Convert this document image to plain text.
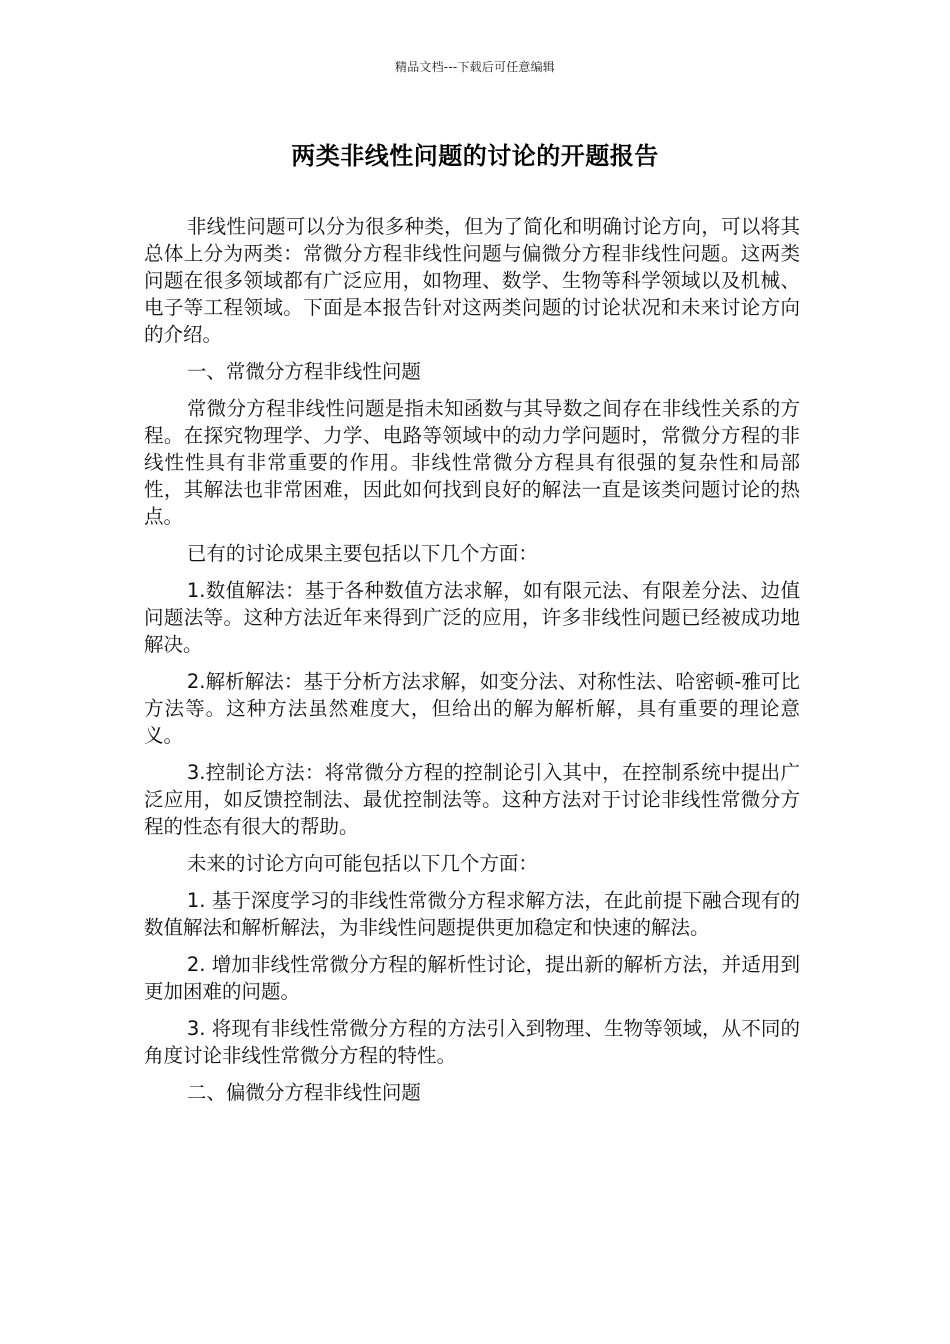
精品文档---下载后可任意编辑
两类非线性问题的讨论的开题报告

非线性问题可以分为很多种类，但为了简化和明确讨论方向，可以将其总体上分为两类：常微分方程非线性问题与偏微分方程非线性问题。这两类问题在很多领域都有广泛应用，如物理、数学、生物等科学领域以及机械、电子等工程领域。下面是本报告针对这两类问题的讨论状况和未来讨论方向的介绍。

一、常微分方程非线性问题

常微分方程非线性问题是指未知函数与其导数之间存在非线性关系的方程。在探究物理学、力学、电路等领域中的动力学问题时，常微分方程的非线性性具有非常重要的作用。非线性常微分方程具有很强的复杂性和局部性，其解法也非常困难，因此如何找到良好的解法一直是该类问题讨论的热点。

已有的讨论成果主要包括以下几个方面：

1.数值解法：基于各种数值方法求解，如有限元法、有限差分法、边值问题法等。这种方法近年来得到广泛的应用，许多非线性问题已经被成功地解决。

2.解析解法：基于分析方法求解，如变分法、对称性法、哈密顿-雅可比方法等。这种方法虽然难度大，但给出的解为解析解，具有重要的理论意义。

3.控制论方法：将常微分方程的控制论引入其中，在控制系统中提出广泛应用，如反馈控制法、最优控制法等。这种方法对于讨论非线性常微分方程的性态有很大的帮助。

未来的讨论方向可能包括以下几个方面：

1. 基于深度学习的非线性常微分方程求解方法，在此前提下融合现有的数值解法和解析解法，为非线性问题提供更加稳定和快速的解法。

2. 增加非线性常微分方程的解析性讨论，提出新的解析方法，并适用到更加困难的问题。

3. 将现有非线性常微分方程的方法引入到物理、生物等领域，从不同的角度讨论非线性常微分方程的特性。

二、偏微分方程非线性问题
